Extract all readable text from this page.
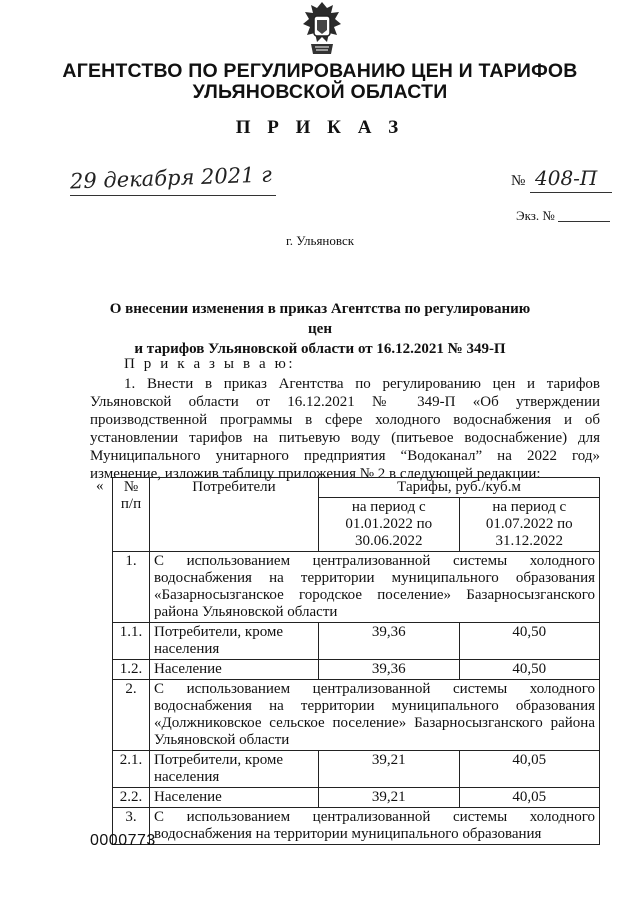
АГЕНТСТВО ПО РЕГУЛИРОВАНИЮ ЦЕН И ТАРИФОВ
УЛЬЯНОВСКОЙ ОБЛАСТИ
П Р И К А З
29 декабря 2021 г	№ 408-П
Экз. №
г. Ульяновск
О внесении изменения в приказ Агентства по регулированию цен
и тарифов Ульяновской области от 16.12.2021 № 349-П
П р и к а з ы в а ю:
1. Внести в приказ Агентства по регулированию цен и тарифов Ульяновской области от 16.12.2021 № 349-П «Об утверждении производственной программы в сфере холодного водоснабжения и об установлении тарифов на питьевую воду (питьевое водоснабжение) для Муниципального унитарного предприятия “Водоканал” на 2022 год» изменение, изложив таблицу приложения № 2 в следующей редакции:
« № п/п	Потребители	Тарифы, руб./куб.м	
		на период с 01.01.2022 по 30.06.2022	на период с 01.07.2022 по 31.12.2022
1.	С использованием централизованной системы холодного водоснабжения на территории муниципального образования «Базарносызганское городское поселение» Базарносызганского района Ульяновской области		
1.1.	Потребители, кроме населения	39,36	40,50
1.2.	Население	39,36	40,50
2.	С использованием централизованной системы холодного водоснабжения на территории муниципального образования «Должниковское сельское поселение» Базарносызганского района Ульяновской области		
2.1.	Потребители, кроме населения	39,21	40,05
2.2.	Население	39,21	40,05
3.	С использованием централизованной системы холодного водоснабжения на территории муниципального образования		
0000773
